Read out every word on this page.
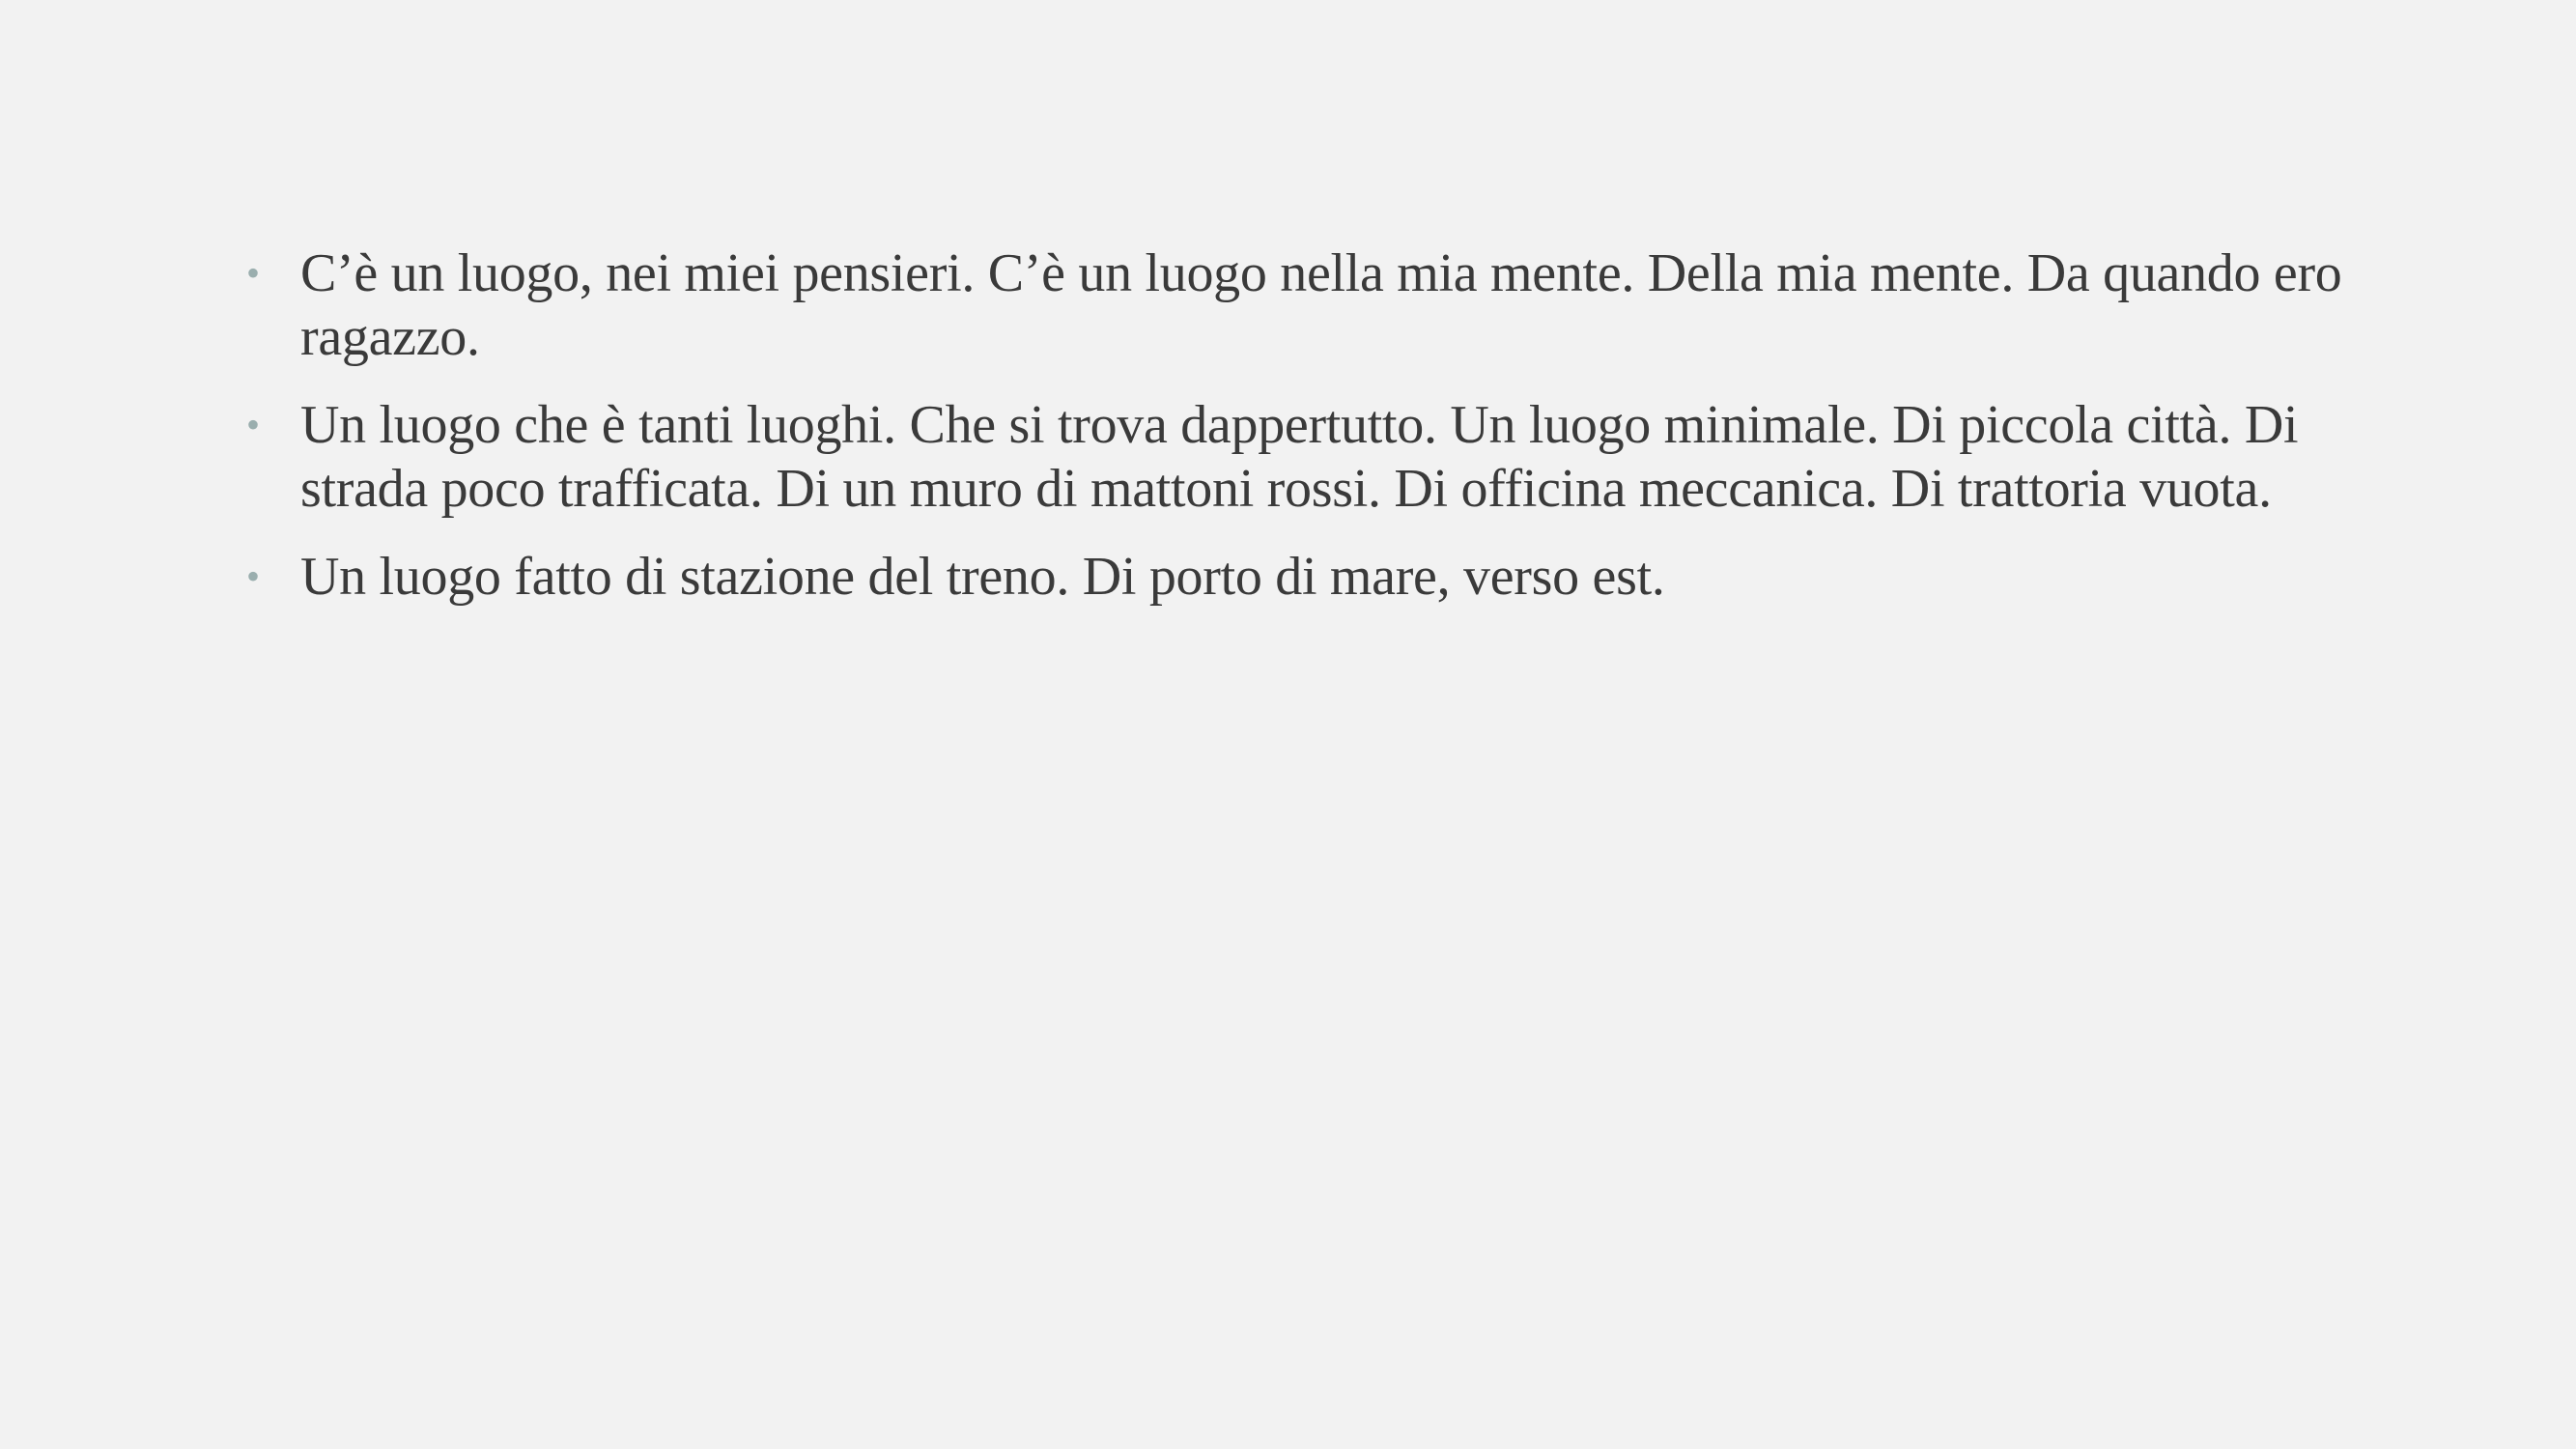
• C’è un luogo, nei miei pensieri. C’è un luogo nella mia mente. Della mia mente. Da quando ero ragazzo.
• Un luogo che è tanti luoghi. Che si trova dappertutto. Un luogo minimale. Di piccola città. Di strada poco trafficata. Di un muro di mattoni rossi. Di officina meccanica. Di trattoria vuota.
• Un luogo fatto di stazione del treno. Di porto di mare, verso est.
